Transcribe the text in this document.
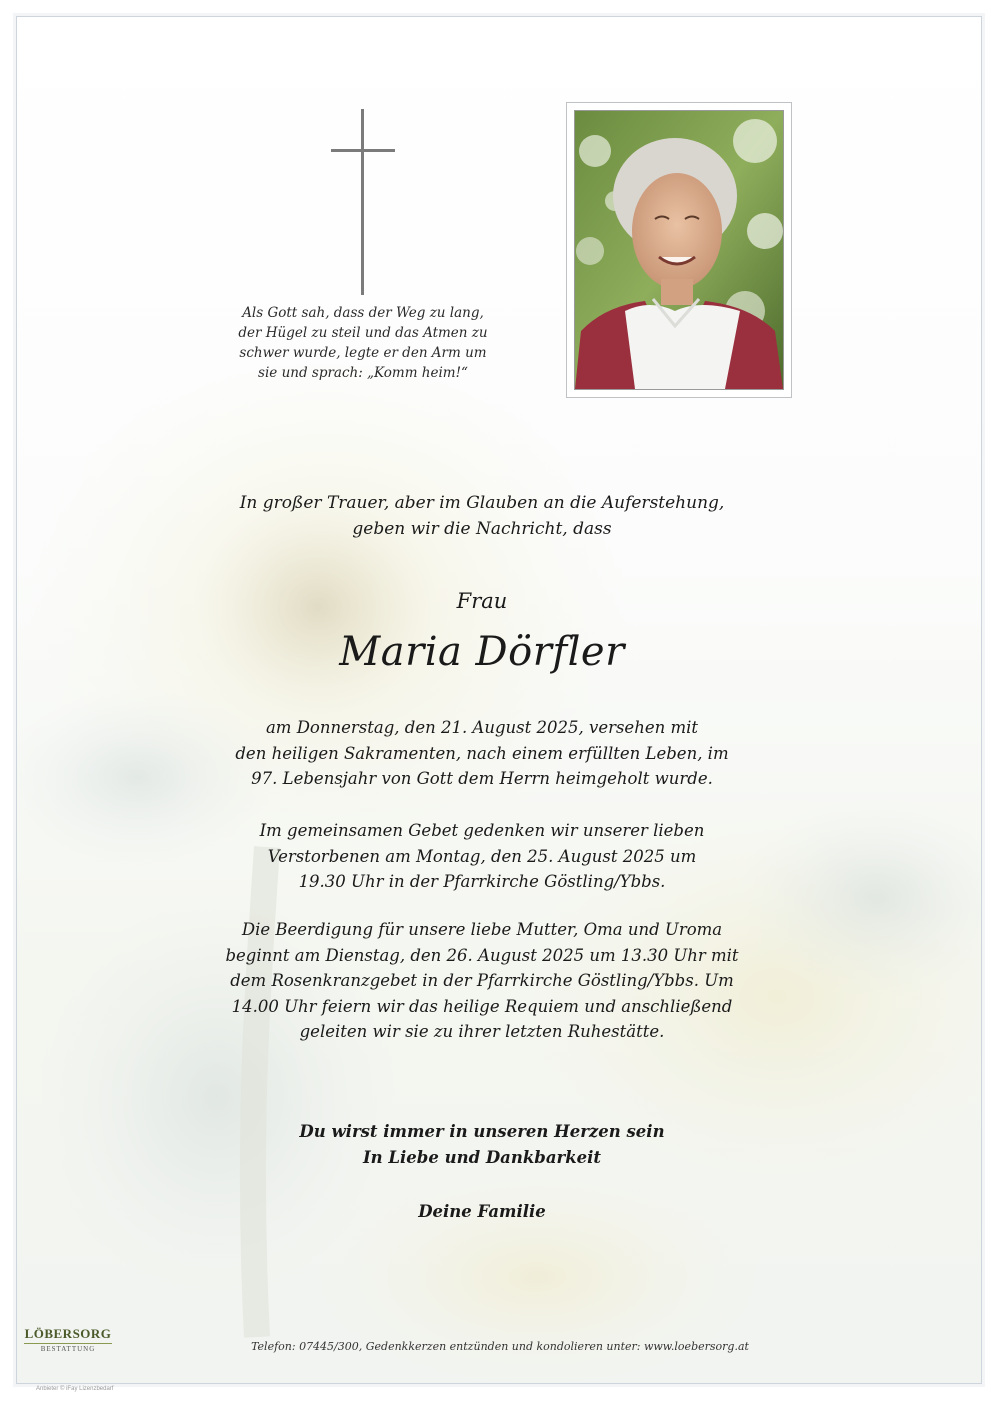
Als Gott sah, dass der Weg zu lang,
der Hügel zu steil und das Atmen zu
schwer wurde, legte er den Arm um
sie und sprach: „Komm heim!“
In großer Trauer, aber im Glauben an die Auferstehung,
geben wir die Nachricht, dass
Frau
Maria Dörfler
am Donnerstag, den 21. August 2025, versehen mit
den heiligen Sakramenten, nach einem erfüllten Leben, im
97. Lebensjahr von Gott dem Herrn heimgeholt wurde.
Im gemeinsamen Gebet gedenken wir unserer lieben
Verstorbenen am Montag, den 25. August 2025 um
19.30 Uhr in der Pfarrkirche Göstling/Ybbs.
Die Beerdigung für unsere liebe Mutter, Oma und Uroma
beginnt am Dienstag, den 26. August 2025 um 13.30 Uhr mit
dem Rosenkranzgebet in der Pfarrkirche Göstling/Ybbs. Um
14.00 Uhr feiern wir das heilige Requiem und anschließend
geleiten wir sie zu ihrer letzten Ruhestätte.
Du wirst immer in unseren Herzen sein
In Liebe und Dankbarkeit
Deine Familie
LÖBERSORG
BESTATTUNG	Telefon: 07445/300, Gedenkkerzen entzünden und kondolieren unter: www.loebersorg.at
Anbieter © iFay Lizenzbedarf
